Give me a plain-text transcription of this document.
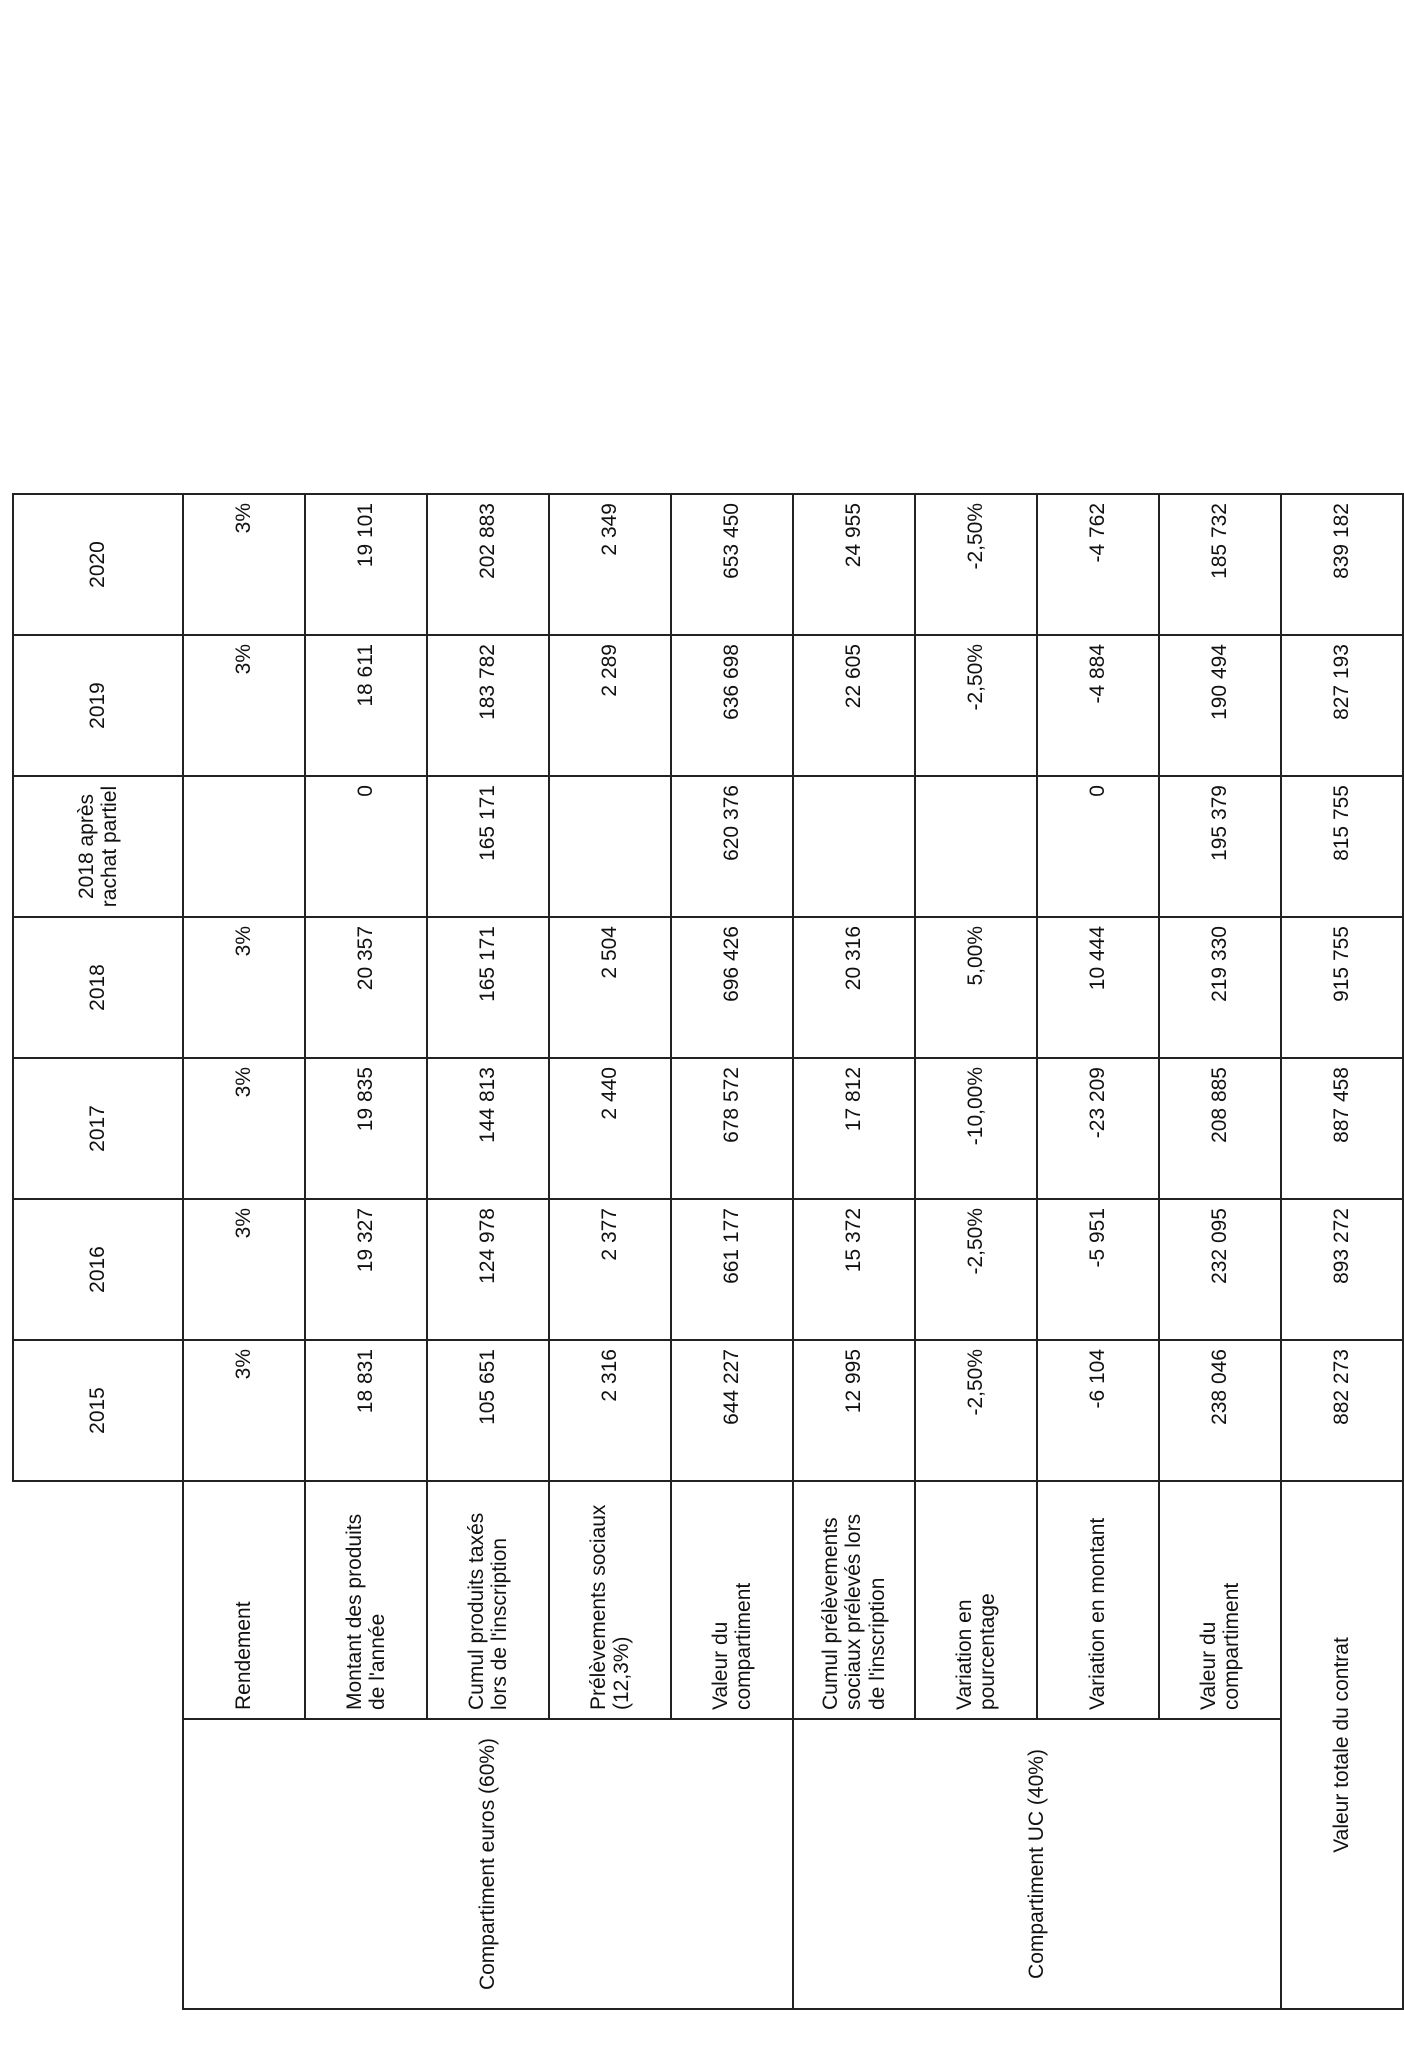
		2015	2016	2017	2018	2018 après rachat partiel	2019	2020
Compartiment euros (60%)	Rendement	3%	3%	3%	3%		3%	3%
	Montant des produits de l'année	18 831	19 327	19 835	20 357	0	18 611	19 101
	Cumul produits taxés lors de l'inscription	105 651	124 978	144 813	165 171	165 171	183 782	202 883
	Prélèvements sociaux (12,3%)	2 316	2 377	2 440	2 504		2 289	2 349
	Valeur du compartiment	644 227	661 177	678 572	696 426	620 376	636 698	653 450
Compartiment UC (40%)	Cumul prélèvements sociaux prélevés lors de l'inscription	12 995	15 372	17 812	20 316		22 605	24 955
	Variation en pourcentage	-2,50%	-2,50%	-10,00%	5,00%		-2,50%	-2,50%
	Variation en montant	-6 104	-5 951	-23 209	10 444	0	-4 884	-4 762
	Valeur du compartiment	238 046	232 095	208 885	219 330	195 379	190 494	185 732
Valeur totale du contrat		882 273	893 272	887 458	915 755	815 755	827 193	839 182
